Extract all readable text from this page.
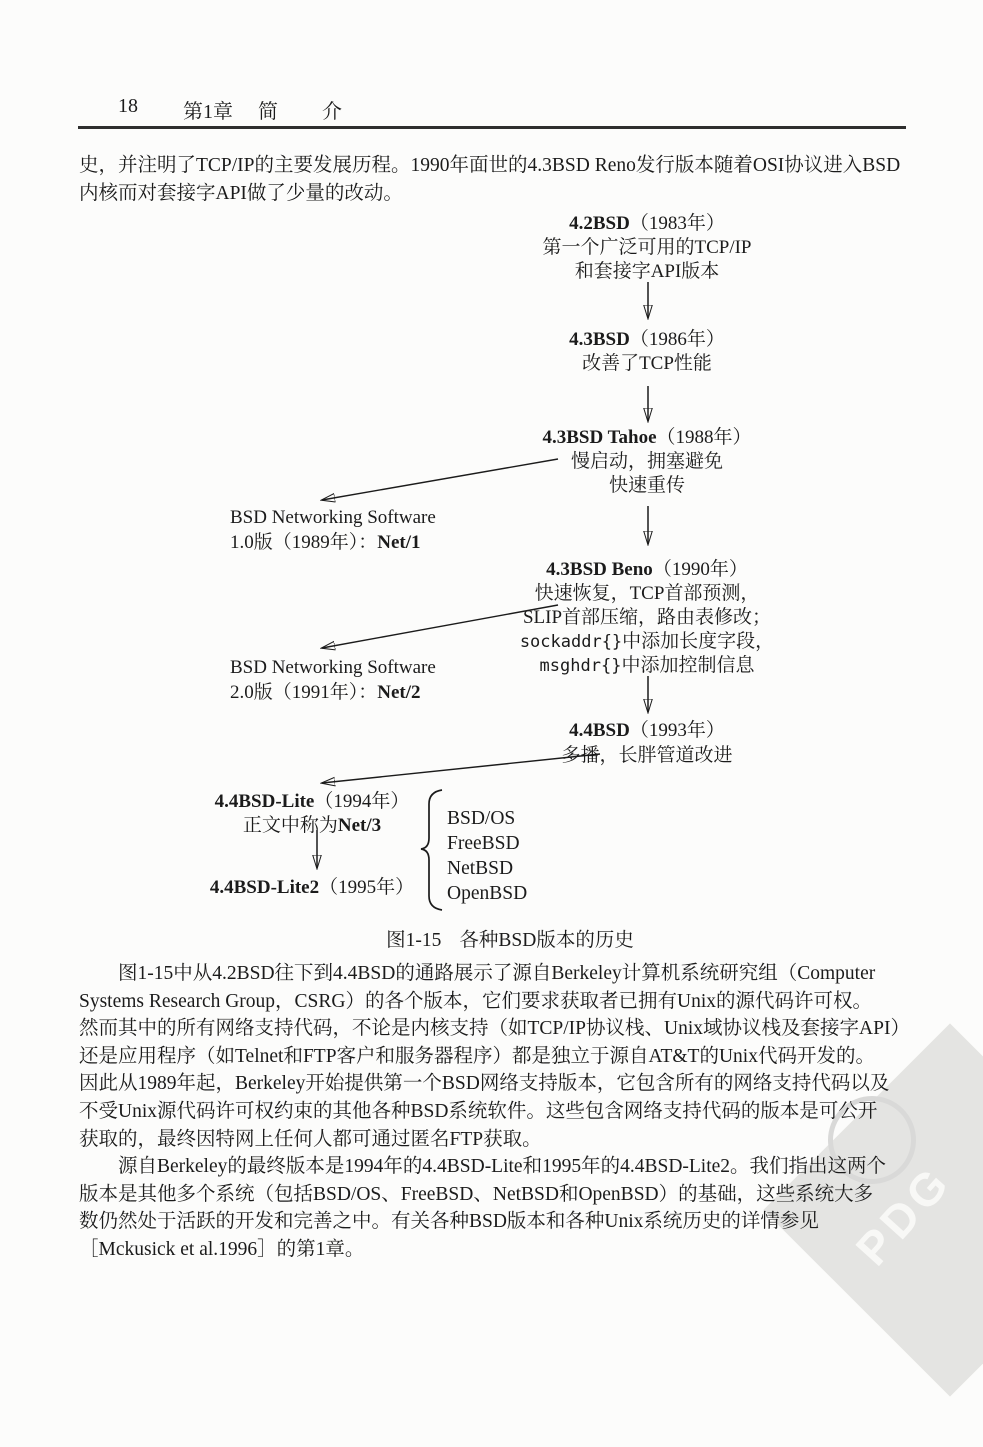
PDG
18 第1章 简　介
史，并注明了TCP/IP的主要发展历程。1990年面世的4.3BSD Reno发行版本随着OSI协议进入BSD
内核而对套接字API做了少量的改动。
4.2BSD（1983年）
第一个广泛可用的TCP/IP
和套接字API版本
4.3BSD（1986年）
改善了TCP性能
4.3BSD Tahoe（1988年）
慢启动，拥塞避免
快速重传
4.3BSD Beno（1990年）
快速恢复，TCP首部预测，
SLIP首部压缩，路由表修改；
sockaddr{}中添加长度字段，
msghdr{}中添加控制信息
4.4BSD（1993年）
多播，长胖管道改进
BSD Networking Software
1.0版（1989年）：Net/1
BSD Networking Software
2.0版（1991年）：Net/2
4.4BSD-Lite（1994年）
正文中称为Net/3
4.4BSD-Lite2（1995年）
BSD/OS
FreeBSD
NetBSD
OpenBSD
图1-15 各种BSD版本的历史
　　图1-15中从4.2BSD往下到4.4BSD的通路展示了源自Berkeley计算机系统研究组（Computer
Systems Research Group，CSRG）的各个版本，它们要求获取者已拥有Unix的源代码许可权。
然而其中的所有网络支持代码，不论是内核支持（如TCP/IP协议栈、Unix域协议栈及套接字API）
还是应用程序（如Telnet和FTP客户和服务器程序）都是独立于源自AT&T的Unix代码开发的。
因此从1989年起，Berkeley开始提供第一个BSD网络支持版本，它包含所有的网络支持代码以及
不受Unix源代码许可权约束的其他各种BSD系统软件。这些包含网络支持代码的版本是可公开
获取的，最终因特网上任何人都可通过匿名FTP获取。
　　源自Berkeley的最终版本是1994年的4.4BSD-Lite和1995年的4.4BSD-Lite2。我们指出这两个
版本是其他多个系统（包括BSD/OS、FreeBSD、NetBSD和OpenBSD）的基础，这些系统大多
数仍然处于活跃的开发和完善之中。有关各种BSD版本和各种Unix系统历史的详情参见
［Mckusick et al.1996］的第1章。
